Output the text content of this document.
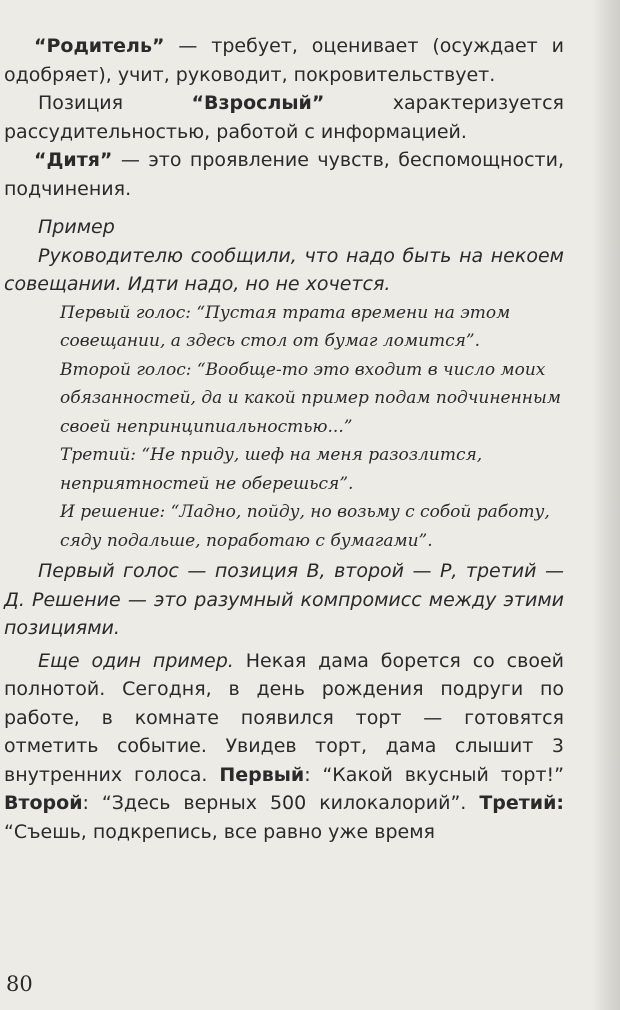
“Родитель” — требует, оценивает (осуждает и одобряет), учит, руководит, покровительствует.

Позиция “Взрослый” характеризуется рассудительностью, работой с информацией.

“Дитя” — это проявление чувств, беспомощности, подчинения.

Пример

Руководителю сообщили, что надо быть на некоем совещании. Идти надо, но не хочется.

Первый голос: “Пустая трата времени на этом совещании, а здесь стол от бумаг ломится”.

Второй голос: “Вообще-то это входит в число моих обязанностей, да и какой пример подам подчиненным своей непринципиальностью...”

Третий: “Не приду, шеф на меня разозлится, неприятностей не оберешься”.

И решение: “Ладно, пойду, но возьму с собой работу, сяду подальше, поработаю с бумагами”.

Первый голос — позиция В, второй — Р, третий — Д. Решение — это разумный компромисс между этими позициями.

Еще один пример. Некая дама борется со своей полнотой. Сегодня, в день рождения подруги по работе, в комнате появился торт — готовятся отметить событие. Увидев торт, дама слышит 3 внутренних голоса. Первый: “Какой вкусный торт!” Второй: “Здесь верных 500 килокалорий”. Третий: “Съешь, подкрепись, все равно уже время

80
